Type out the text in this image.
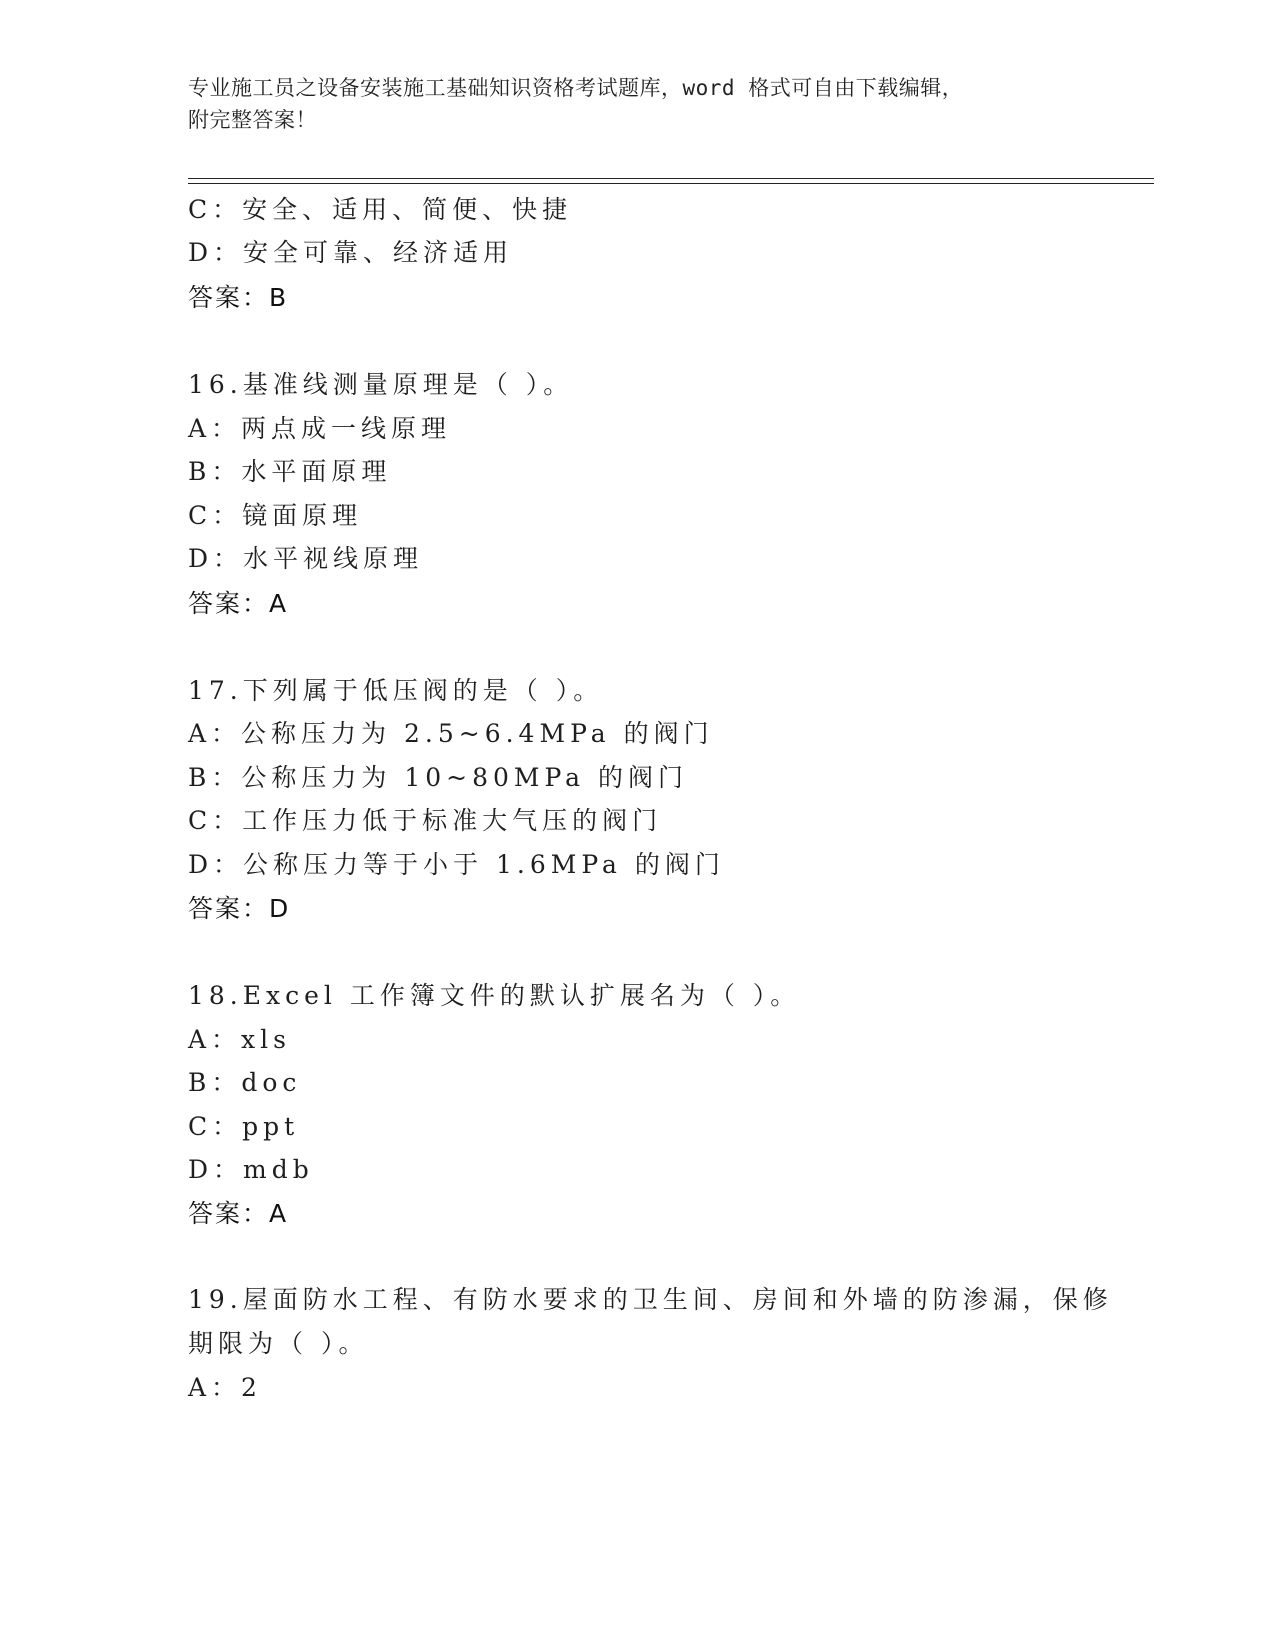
专业施工员之设备安装施工基础知识资格考试题库，word 格式可自由下载编辑，
附完整答案！
C：安全、适用、简便、快捷
D：安全可靠、经济适用
答案：B
16.基准线测量原理是（ ）。
A：两点成一线原理
B：水平面原理
C：镜面原理
D：水平视线原理
答案：A
17.下列属于低压阀的是（ ）。
A：公称压力为 2.5~6.4MPa 的阀门
B：公称压力为 10~80MPa 的阀门
C：工作压力低于标准大气压的阀门
D：公称压力等于小于 1.6MPa 的阀门
答案：D
18.Excel 工作簿文件的默认扩展名为（ ）。
A：xls
B：doc
C：ppt
D：mdb
答案：A
19.屋面防水工程、有防水要求的卫生间、房间和外墙的防渗漏，保修
期限为（ ）。
A：2
